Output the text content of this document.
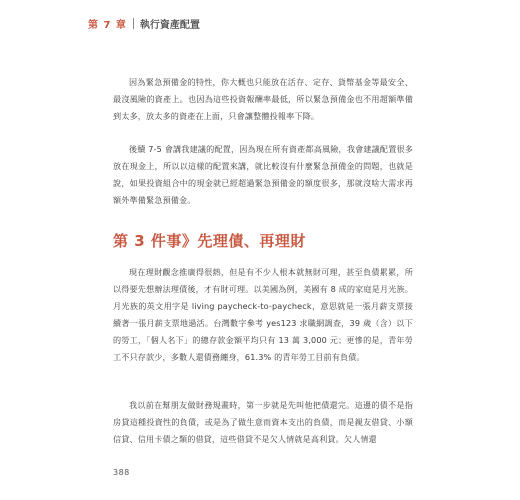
第 7 章 執行資產配置

因為緊急預備金的特性，你大概也只能放在活存、定存、貨幣基金等最安全、最沒風險的資產上。也因為這些投資報酬率最低，所以緊急預備金也不用超額準備到太多，放太多的資產在上面，只會讓整體投報率下降。

後續 7-5 會講我建議的配置，因為現在所有資產都高風險，我會建議配置很多放在現金上，所以以這樣的配置來講，就比較沒有什麼緊急預備金的問題，也就是說，如果投資組合中的現金就已經超過緊急預備金的額度很多，那就沒啥大需求再額外準備緊急預備金。

第 3 件事》先理債、再理財

現在理財觀念推廣得很熱，但是有不少人根本就無財可理，甚至負債累累，所以得要先想辦法理債後，才有財可理。以美國為例，美國有 8 成的家庭是月光族。月光族的英文用字是 living paycheck-to-paycheck，意思就是一張月薪支票接續著一張月薪支票地過活。台灣數字參考 yes123 求職網調查，39 歲（含）以下的勞工，「個人名下」的總存款金額平均只有 13 萬 3,000 元；更慘的是，青年勞工不只存款少，多數人還債務纏身，61.3% 的青年勞工目前有負債。

我以前在幫朋友做財務規畫時，第一步就是先叫他把債還完。這邊的債不是指房貸這種投資性的負債，或是為了做生意而資本支出的負債，而是親友借貸、小額信貸、信用卡債之類的借貸，這些借貸不是欠人情就是高利貸。欠人情還

388
